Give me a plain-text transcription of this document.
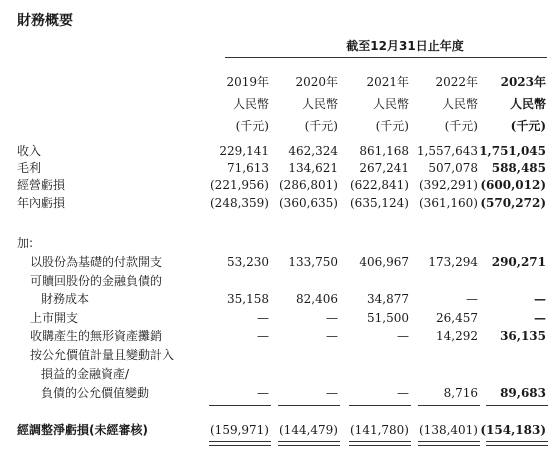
財務概要
截至12月31日止年度
2019年	2020年	2021年	2022年	2023年
人民幣	人民幣	人民幣	人民幣	人民幣
(千元)	(千元)	(千元)	(千元)	(千元)
收入	229,141	462,324	861,168 1,557,643 1,751,045
毛利	71,613	134,621	267,241	507,078	588,485
經營虧損	(221,956) (286,801)	(622,841) (392,291) (600,012)
年內虧損	(248,359) (360,635)	(635,124) (361,160) (570,272)
加:
以股份為基礎的付款開支	53,230	133,750	406,967	173,294	290,271
可贖回股份的金融負債的
財務成本	35,158	82,406	34,877	—	—
上市開支	—	—	51,500	26,457	—
收購產生的無形資產攤銷	—	—	—	14,292	36,135
按公允價值計量且變動計入
損益的金融資產/
負債的公允價值變動	—	—	—	8,716	89,683
經調整淨虧損(未經審核)	(159,971) (144,479)	(141,780) (138,401) (154,183)
